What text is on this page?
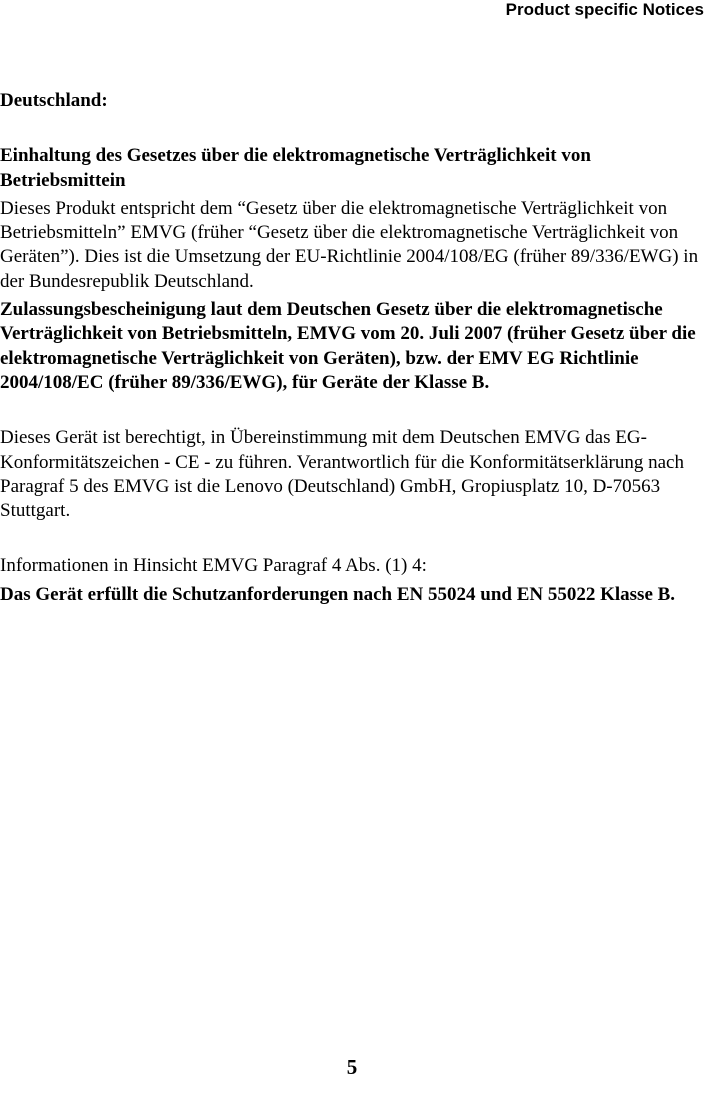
Product specific Notices

Deutschland:

Einhaltung des Gesetzes über die elektromagnetische Verträglichkeit von Betriebsmittein

Dieses Produkt entspricht dem “Gesetz über die elektromagnetische Verträglichkeit von Betriebsmitteln” EMVG (früher “Gesetz über die elektromagnetische Verträglichkeit von Geräten”). Dies ist die Umsetzung der EU-Richtlinie 2004/108/EG (früher 89/336/EWG) in der Bundesrepublik Deutschland.

Zulassungsbescheinigung laut dem Deutschen Gesetz über die elektromagnetische Verträglichkeit von Betriebsmitteln, EMVG vom 20. Juli 2007 (früher Gesetz über die elektromagnetische Verträglichkeit von Geräten), bzw. der EMV EG Richtlinie 2004/108/EC (früher 89/336/EWG), für Geräte der Klasse B.

Dieses Gerät ist berechtigt, in Übereinstimmung mit dem Deutschen EMVG das EG-Konformitätszeichen - CE - zu führen. Verantwortlich für die Konformitätserklärung nach Paragraf 5 des EMVG ist die Lenovo (Deutschland) GmbH, Gropiusplatz 10, D-70563 Stuttgart.

Informationen in Hinsicht EMVG Paragraf 4 Abs. (1) 4:

Das Gerät erfüllt die Schutzanforderungen nach EN 55024 und EN 55022 Klasse B.

5
